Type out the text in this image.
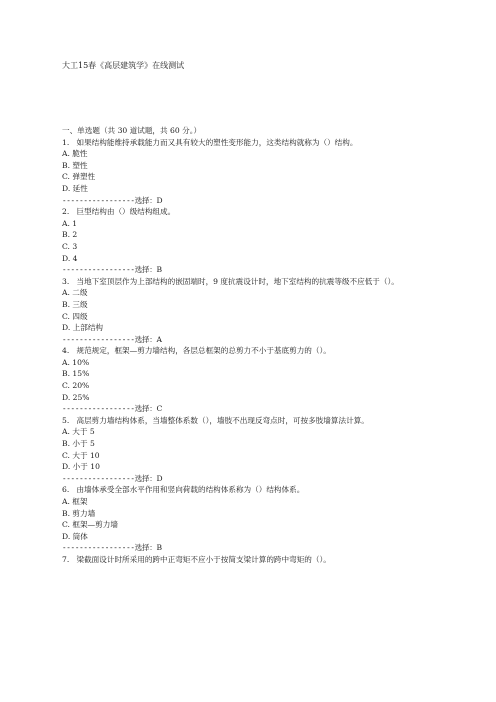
大工15春《高层建筑学》在线测试
一、单选题（共 30 道试题，共 60 分。）
1. 如果结构能维持承载能力而又具有较大的塑性变形能力，这类结构就称为（）结构。
A. 脆性
B. 塑性
C. 弹塑性
D. 延性
-----------------选择：D
2. 巨型结构由（）级结构组成。
A. 1
B. 2
C. 3
D. 4
-----------------选择：B
3. 当地下室顶层作为上部结构的嵌固端时，9 度抗震设计时，地下室结构的抗震等级不应低于（）。
A. 二级
B. 三级
C. 四级
D. 上部结构
-----------------选择：A
4. 规范规定，框架—剪力墙结构，各层总框架的总剪力不小于基底剪力的（）。
A. 10%
B. 15%
C. 20%
D. 25%
-----------------选择：C
5. 高层剪力墙结构体系，当墙整体系数（），墙肢不出现反弯点时，可按多肢墙算法计算。
A. 大于 5
B. 小于 5
C. 大于 10
D. 小于 10
-----------------选择：D
6. 由墙体承受全部水平作用和竖向荷载的结构体系称为（）结构体系。
A. 框架
B. 剪力墙
C. 框架—剪力墙
D. 筒体
-----------------选择：B
7. 梁截面设计时所采用的跨中正弯矩不应小于按简支梁计算的跨中弯矩的（）。
